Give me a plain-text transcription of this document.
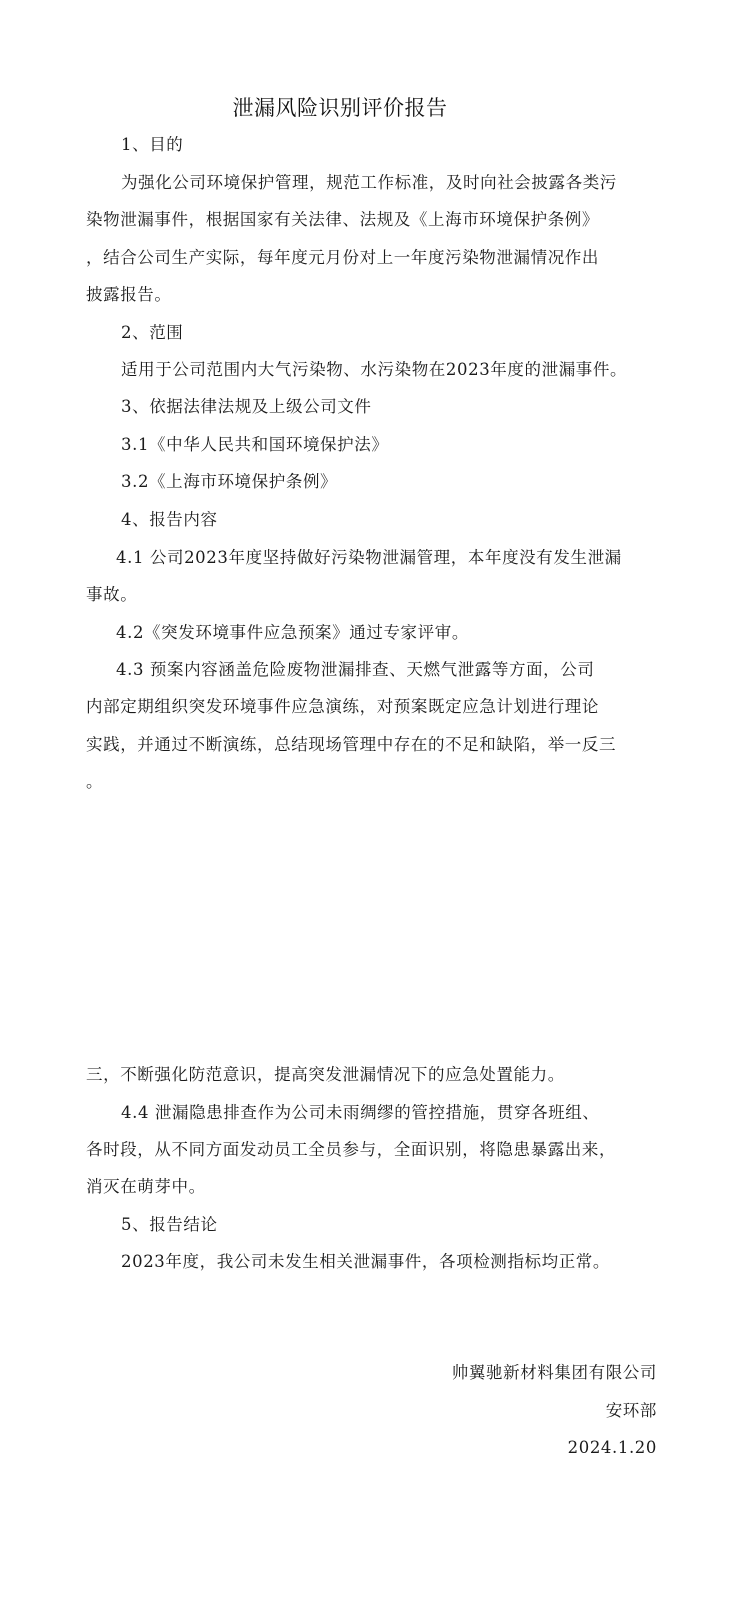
泄漏风险识别评价报告
1、目的
为强化公司环境保护管理，规范工作标准，及时向社会披露各类污
染物泄漏事件，根据国家有关法律、法规及《上海市环境保护条例》
，结合公司生产实际，每年度元月份对上一年度污染物泄漏情况作出
披露报告。
2、范围
适用于公司范围内大气污染物、水污染物在2023年度的泄漏事件。
3、依据法律法规及上级公司文件
3.1《中华人民共和国环境保护法》
3.2《上海市环境保护条例》
4、报告内容
4.1 公司2023年度坚持做好污染物泄漏管理，本年度没有发生泄漏
事故。
4.2《突发环境事件应急预案》通过专家评审。
4.3 预案内容涵盖危险废物泄漏排查、天燃气泄露等方面，公司
内部定期组织突发环境事件应急演练，对预案既定应急计划进行理论
实践，并通过不断演练，总结现场管理中存在的不足和缺陷，举一反三
。
三，不断强化防范意识，提高突发泄漏情况下的应急处置能力。
4.4 泄漏隐患排查作为公司未雨绸缪的管控措施，贯穿各班组、
各时段，从不同方面发动员工全员参与，全面识别，将隐患暴露出来，
消灭在萌芽中。
5、报告结论
2023年度，我公司未发生相关泄漏事件，各项检测指标均正常。
帅翼驰新材料集团有限公司
安环部
2024.1.20
